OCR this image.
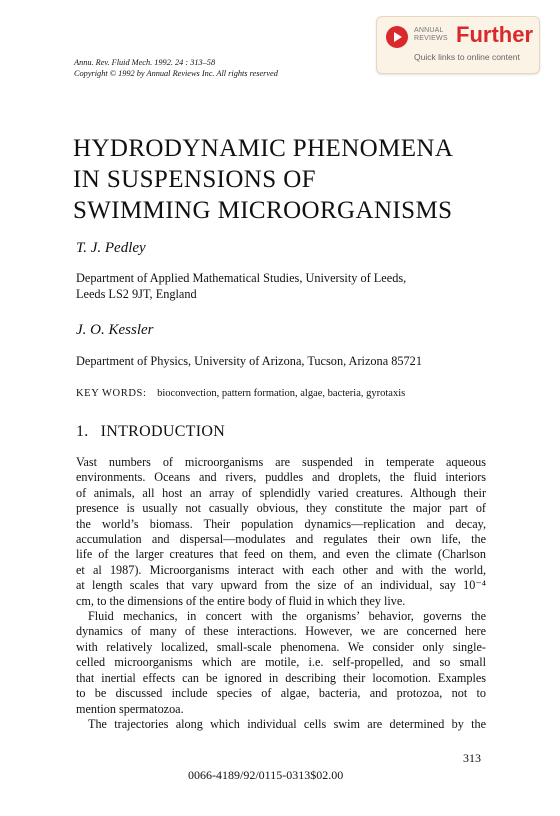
ANNUAL
REVIEWS Further
Quick links to online content
Annu. Rev. Fluid Mech. 1992. 24 : 313–58
Copyright © 1992 by Annual Reviews Inc. All rights reserved
HYDRODYNAMIC PHENOMENA
IN SUSPENSIONS OF
SWIMMING MICROORGANISMS
T. J. Pedley
Department of Applied Mathematical Studies, University of Leeds,
Leeds LS2 9JT, England
J. O. Kessler
Department of Physics, University of Arizona, Tucson, Arizona 85721
KEY WORDS: bioconvection, pattern formation, algae, bacteria, gyrotaxis
1. INTRODUCTION
Vast numbers of microorganisms are suspended in temperate aqueous
environments. Oceans and rivers, puddles and droplets, the fluid interiors
of animals, all host an array of splendidly varied creatures. Although their
presence is usually not casually obvious, they constitute the major part of
the world’s biomass. Their population dynamics—replication and decay,
accumulation and dispersal—modulates and regulates their own life, the
life of the larger creatures that feed on them, and even the climate (Charlson
et al 1987). Microorganisms interact with each other and with the world,
at length scales that vary upward from the size of an individual, say 10⁻⁴
cm, to the dimensions of the entire body of fluid in which they live.
Fluid mechanics, in concert with the organisms’ behavior, governs the
dynamics of many of these interactions. However, we are concerned here
with relatively localized, small-scale phenomena. We consider only single-
celled microorganisms which are motile, i.e. self-propelled, and so small
that inertial effects can be ignored in describing their locomotion. Examples
to be discussed include species of algae, bacteria, and protozoa, not to
mention spermatozoa.
The trajectories along which individual cells swim are determined by the
313
0066-4189/92/0115-0313$02.00
